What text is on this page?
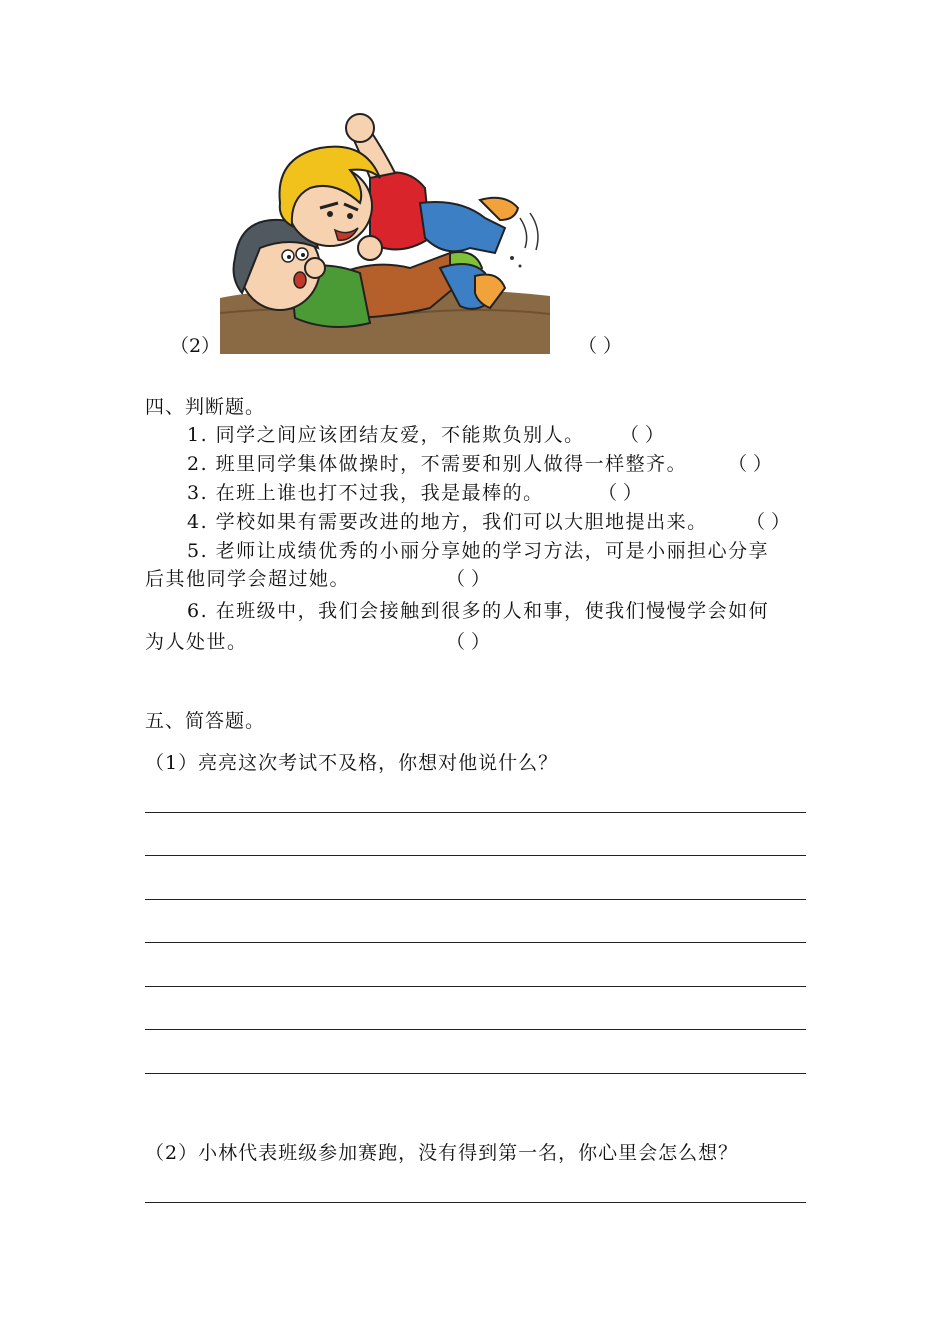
（2）	（ ）
四、判断题。
1. 同学之间应该团结友爱，不能欺负别人。 （ ）
2. 班里同学集体做操时，不需要和别人做得一样整齐。 （ ）
3. 在班上谁也打不过我，我是最棒的。	（ ）
4. 学校如果有需要改进的地方，我们可以大胆地提出来。 （ ）
5. 老师让成绩优秀的小丽分享她的学习方法，可是小丽担心分享
后其他同学会超过她。	（ ）
6. 在班级中，我们会接触到很多的人和事，使我们慢慢学会如何
为人处世。	（ ）
五、简答题。
（1）亮亮这次考试不及格，你想对他说什么？
（2）小林代表班级参加赛跑，没有得到第一名，你心里会怎么想？
